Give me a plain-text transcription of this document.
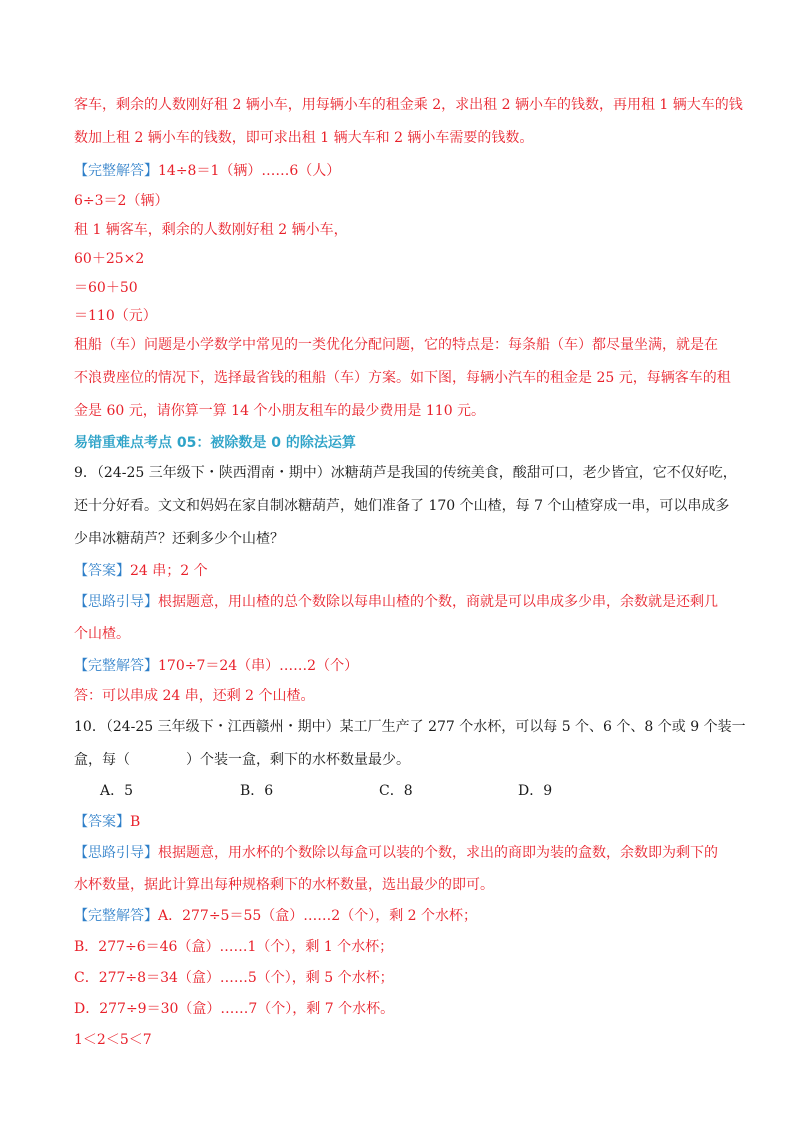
客车，剩余的人数刚好租 2 辆小车，用每辆小车的租金乘 2，求出租 2 辆小车的钱数，再用租 1 辆大车的钱
数加上租 2 辆小车的钱数，即可求出租 1 辆大车和 2 辆小车需要的钱数。
【完整解答】14÷8＝1（辆）……6（人）
6÷3＝2（辆）
租 1 辆客车，剩余的人数刚好租 2 辆小车，
60＋25×2
＝60＋50
＝110（元）
租船（车）问题是小学数学中常见的一类优化分配问题，它的特点是：每条船（车）都尽量坐满，就是在
不浪费座位的情况下，选择最省钱的租船（车）方案。如下图，每辆小汽车的租金是 25 元，每辆客车的租
金是 60 元，请你算一算 14 个小朋友租车的最少费用是 110 元。
易错重难点考点 05：被除数是 0 的除法运算
9．（24-25 三年级下・陕西渭南・期中）冰糖葫芦是我国的传统美食，酸甜可口，老少皆宜，它不仅好吃，
还十分好看。文文和妈妈在家自制冰糖葫芦，她们准备了 170 个山楂，每 7 个山楂穿成一串，可以串成多
少串冰糖葫芦？还剩多少个山楂？
【答案】24 串；2 个
【思路引导】根据题意，用山楂的总个数除以每串山楂的个数，商就是可以串成多少串，余数就是还剩几
个山楂。
【完整解答】170÷7＝24（串）……2（个）
答：可以串成 24 串，还剩 2 个山楂。
10．（24-25 三年级下・江西赣州・期中）某工厂生产了 277 个水杯，可以每 5 个、6 个、8 个或 9 个装一
盒，每（　　　　）个装一盒，剩下的水杯数量最少。
A．5	B．6	C．8	D．9
【答案】B
【思路引导】根据题意，用水杯的个数除以每盒可以装的个数，求出的商即为装的盒数，余数即为剩下的
水杯数量，据此计算出每种规格剩下的水杯数量，选出最少的即可。
【完整解答】A．277÷5＝55（盒）……2（个），剩 2 个水杯；
B．277÷6＝46（盒）……1（个），剩 1 个水杯；
C．277÷8＝34（盒）……5（个），剩 5 个水杯；
D．277÷9＝30（盒）……7（个），剩 7 个水杯。
1＜2＜5＜7
